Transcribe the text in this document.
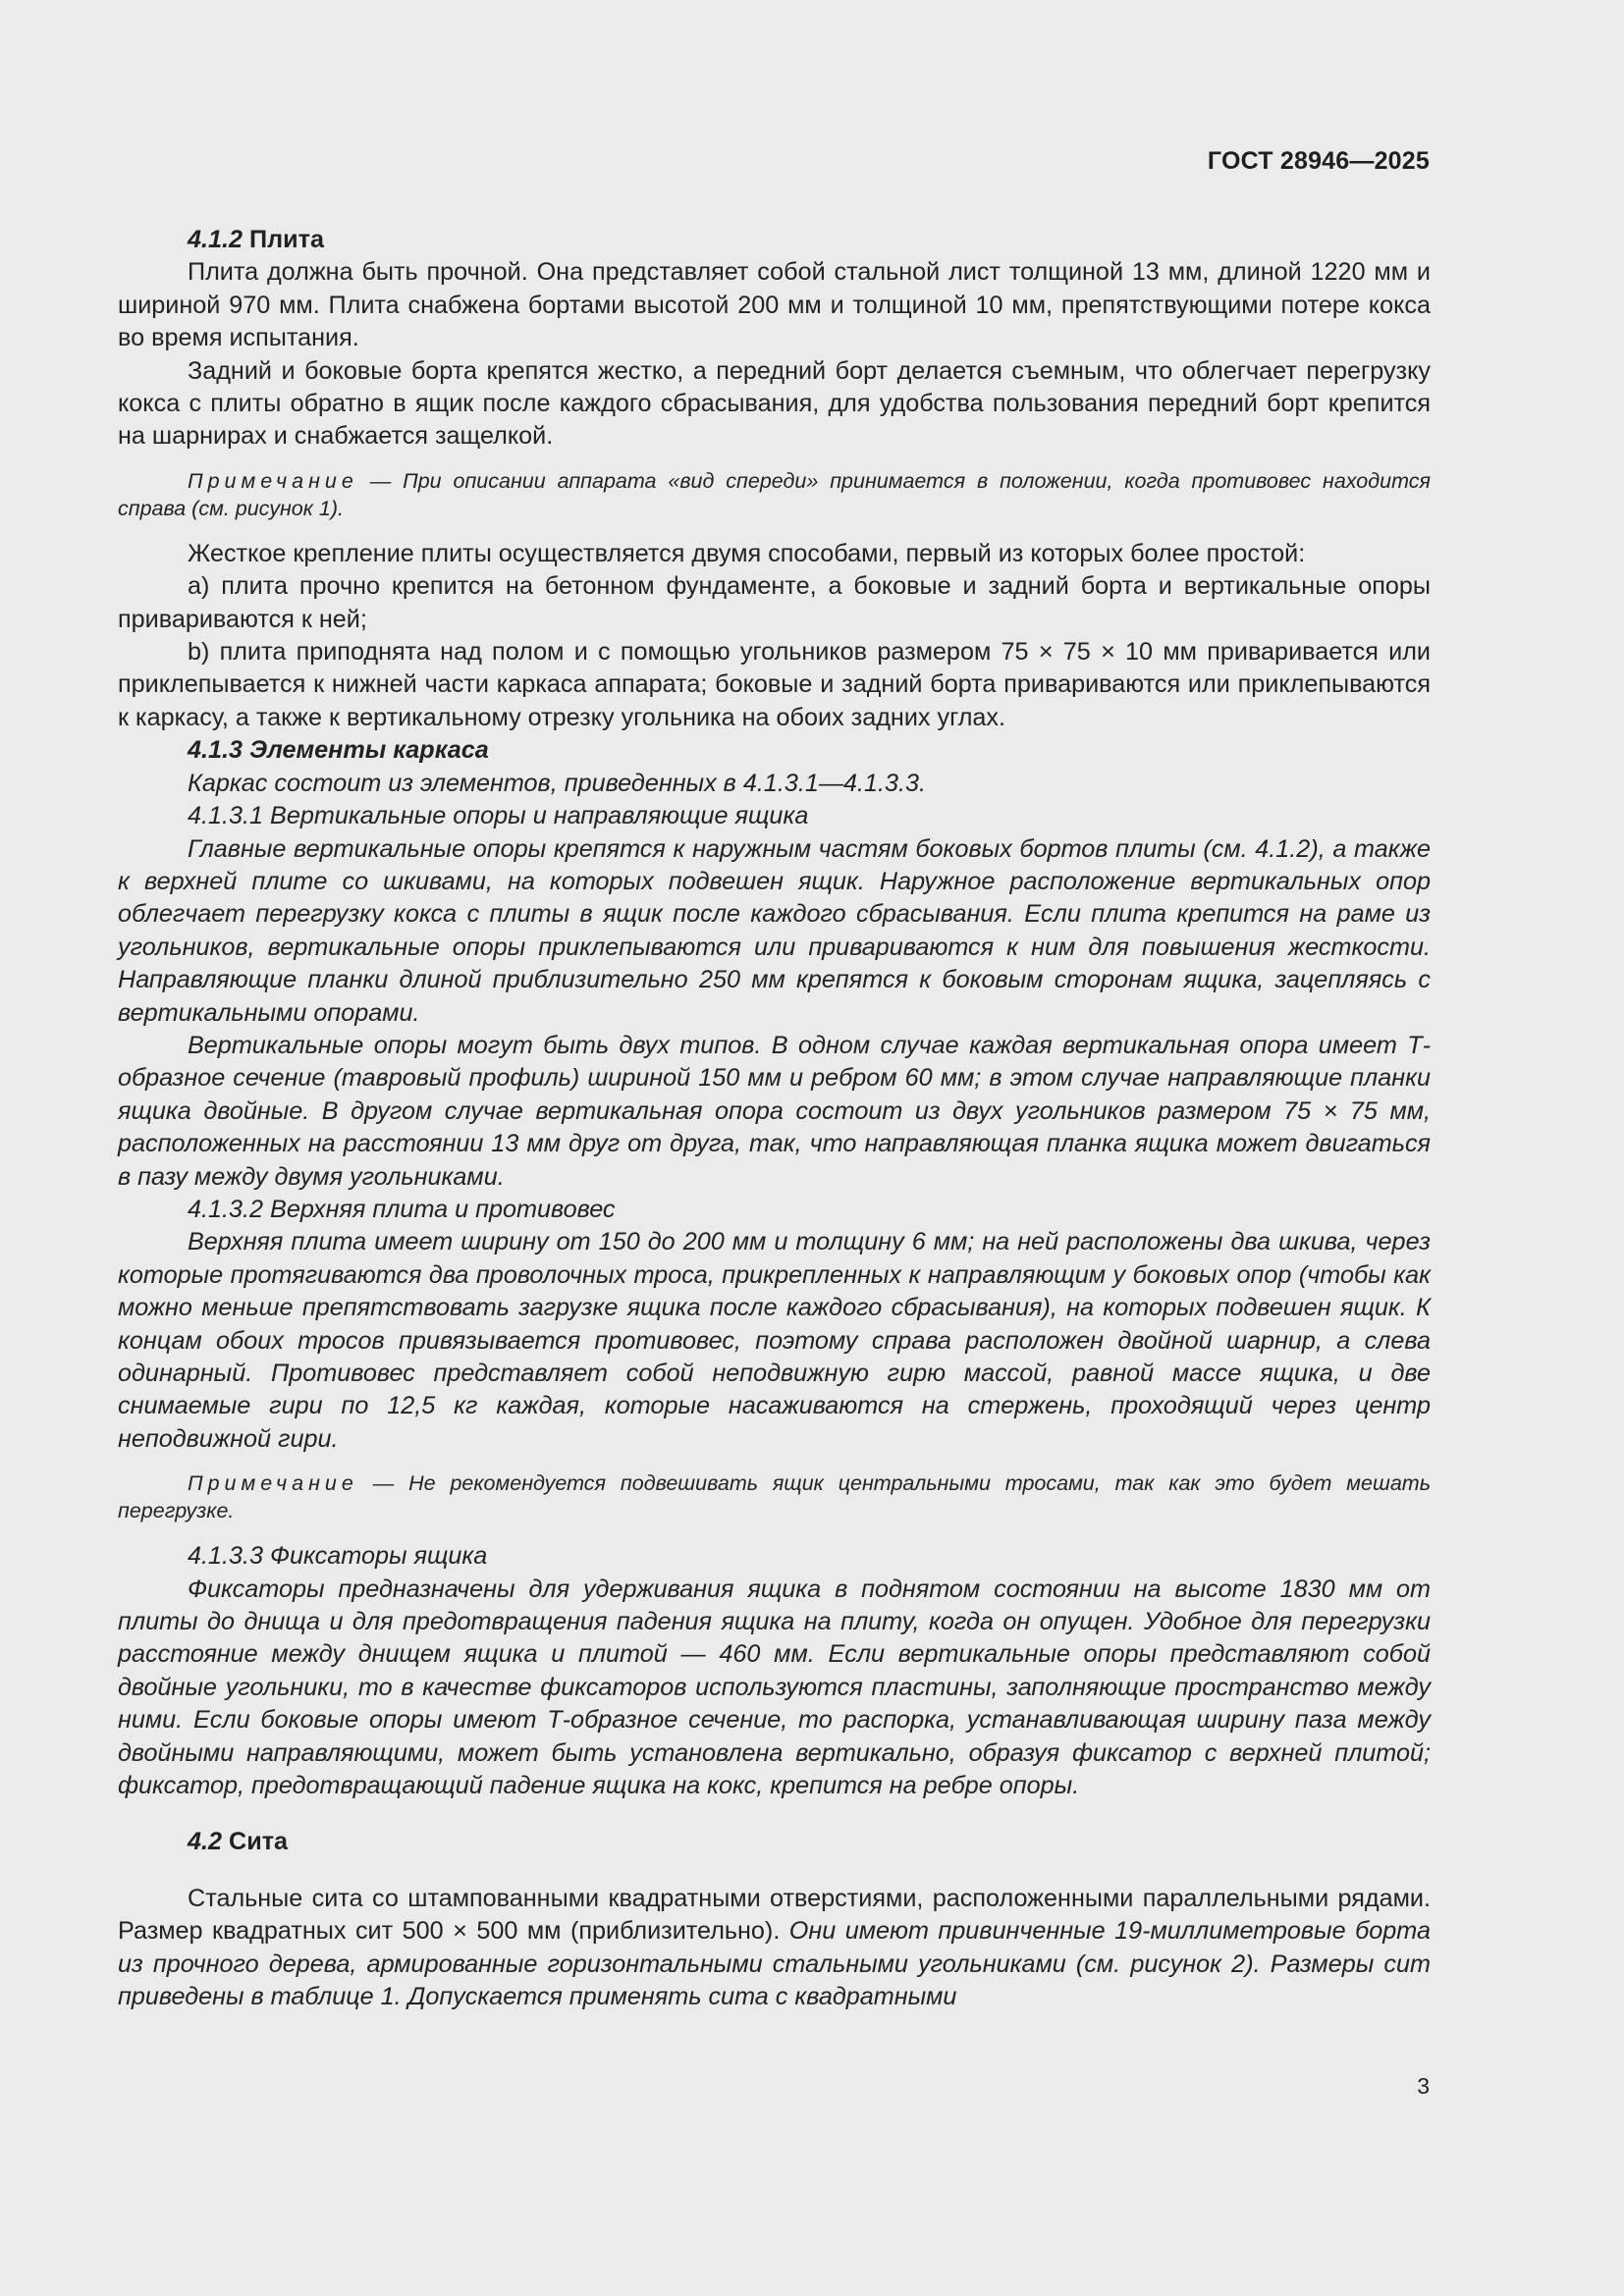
ГОСТ 28946—2025

4.1.2 Плита

Плита должна быть прочной. Она представляет собой стальной лист толщиной 13 мм, длиной 1220 мм и шириной 970 мм. Плита снабжена бортами высотой 200 мм и толщиной 10 мм, препятствующими потере кокса во время испытания.

Задний и боковые борта крепятся жестко, а передний борт делается съемным, что облегчает перегрузку кокса с плиты обратно в ящик после каждого сбрасывания, для удобства пользования передний борт крепится на шарнирах и снабжается защелкой.

Примечание — При описании аппарата «вид спереди» принимается в положении, когда противовес находится справа (см. рисунок 1).

Жесткое крепление плиты осуществляется двумя способами, первый из которых более простой:

a) плита прочно крепится на бетонном фундаменте, а боковые и задний борта и вертикальные опоры привариваются к ней;

b) плита приподнята над полом и с помощью угольников размером 75 × 75 × 10 мм приваривается или приклепывается к нижней части каркаса аппарата; боковые и задний борта привариваются или приклепываются к каркасу, а также к вертикальному отрезку угольника на обоих задних углах.

4.1.3 Элементы каркаса

Каркас состоит из элементов, приведенных в 4.1.3.1—4.1.3.3.

4.1.3.1 Вертикальные опоры и направляющие ящика

Главные вертикальные опоры крепятся к наружным частям боковых бортов плиты (см. 4.1.2), а также к верхней плите со шкивами, на которых подвешен ящик. Наружное расположение вертикальных опор облегчает перегрузку кокса с плиты в ящик после каждого сбрасывания. Если плита крепится на раме из угольников, вертикальные опоры приклепываются или привариваются к ним для повышения жесткости. Направляющие планки длиной приблизительно 250 мм крепятся к боковым сторонам ящика, зацепляясь с вертикальными опорами.

Вертикальные опоры могут быть двух типов. В одном случае каждая вертикальная опора имеет Т-образное сечение (тавровый профиль) шириной 150 мм и ребром 60 мм; в этом случае направляющие планки ящика двойные. В другом случае вертикальная опора состоит из двух угольников размером 75 × 75 мм, расположенных на расстоянии 13 мм друг от друга, так, что направляющая планка ящика может двигаться в пазу между двумя угольниками.

4.1.3.2 Верхняя плита и противовес

Верхняя плита имеет ширину от 150 до 200 мм и толщину 6 мм; на ней расположены два шкива, через которые протягиваются два проволочных троса, прикрепленных к направляющим у боковых опор (чтобы как можно меньше препятствовать загрузке ящика после каждого сбрасывания), на которых подвешен ящик. К концам обоих тросов привязывается противовес, поэтому справа расположен двойной шарнир, а слева одинарный. Противовес представляет собой неподвижную гирю массой, равной массе ящика, и две снимаемые гири по 12,5 кг каждая, которые насаживаются на стержень, проходящий через центр неподвижной гири.

Примечание — Не рекомендуется подвешивать ящик центральными тросами, так как это будет мешать перегрузке.

4.1.3.3 Фиксаторы ящика

Фиксаторы предназначены для удерживания ящика в поднятом состоянии на высоте 1830 мм от плиты до днища и для предотвращения падения ящика на плиту, когда он опущен. Удобное для перегрузки расстояние между днищем ящика и плитой — 460 мм. Если вертикальные опоры представляют собой двойные угольники, то в качестве фиксаторов используются пластины, заполняющие пространство между ними. Если боковые опоры имеют Т-образное сечение, то распорка, устанавливающая ширину паза между двойными направляющими, может быть установлена вертикально, образуя фиксатор с верхней плитой; фиксатор, предотвращающий падение ящика на кокс, крепится на ребре опоры.

4.2 Сита

Стальные сита со штампованными квадратными отверстиями, расположенными параллельными рядами. Размер квадратных сит 500 × 500 мм (приблизительно). Они имеют привинченные 19-миллиметровые борта из прочного дерева, армированные горизонтальными стальными угольниками (см. рисунок 2). Размеры сит приведены в таблице 1. Допускается применять сита с квадратными

3
